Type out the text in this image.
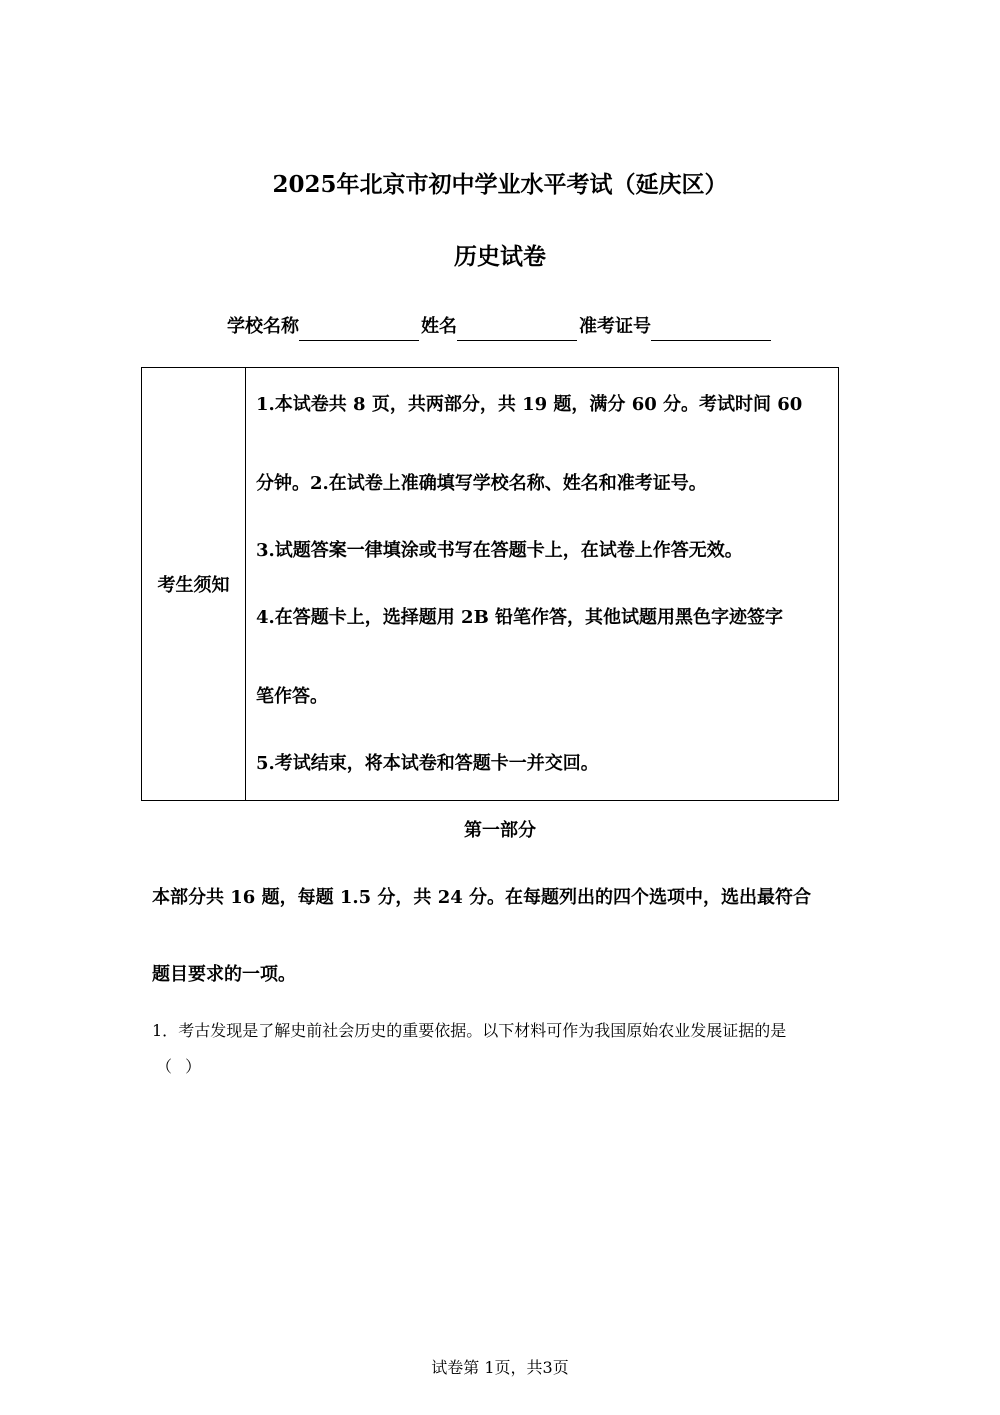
2025年北京市初中学业水平考试（延庆区）
历史试卷
学校名称	姓名	准考证号
考生须知
1.本试卷共 8 页，共两部分，共 19 题，满分 60 分。考试时间 60
分钟。2.在试卷上准确填写学校名称、姓名和准考证号。
3.试题答案一律填涂或书写在答题卡上，在试卷上作答无效。
4.在答题卡上，选择题用 2B 铅笔作答，其他试题用黑色字迹签字
笔作答。
5.考试结束，将本试卷和答题卡一并交回。
第一部分
本部分共 16 题，每题 1.5 分，共 24 分。在每题列出的四个选项中，选出最符合
题目要求的一项。
1．考古发现是了解史前社会历史的重要依据。以下材料可作为我国原始农业发展证据的是
（ ）
试卷第 1页，共3页
